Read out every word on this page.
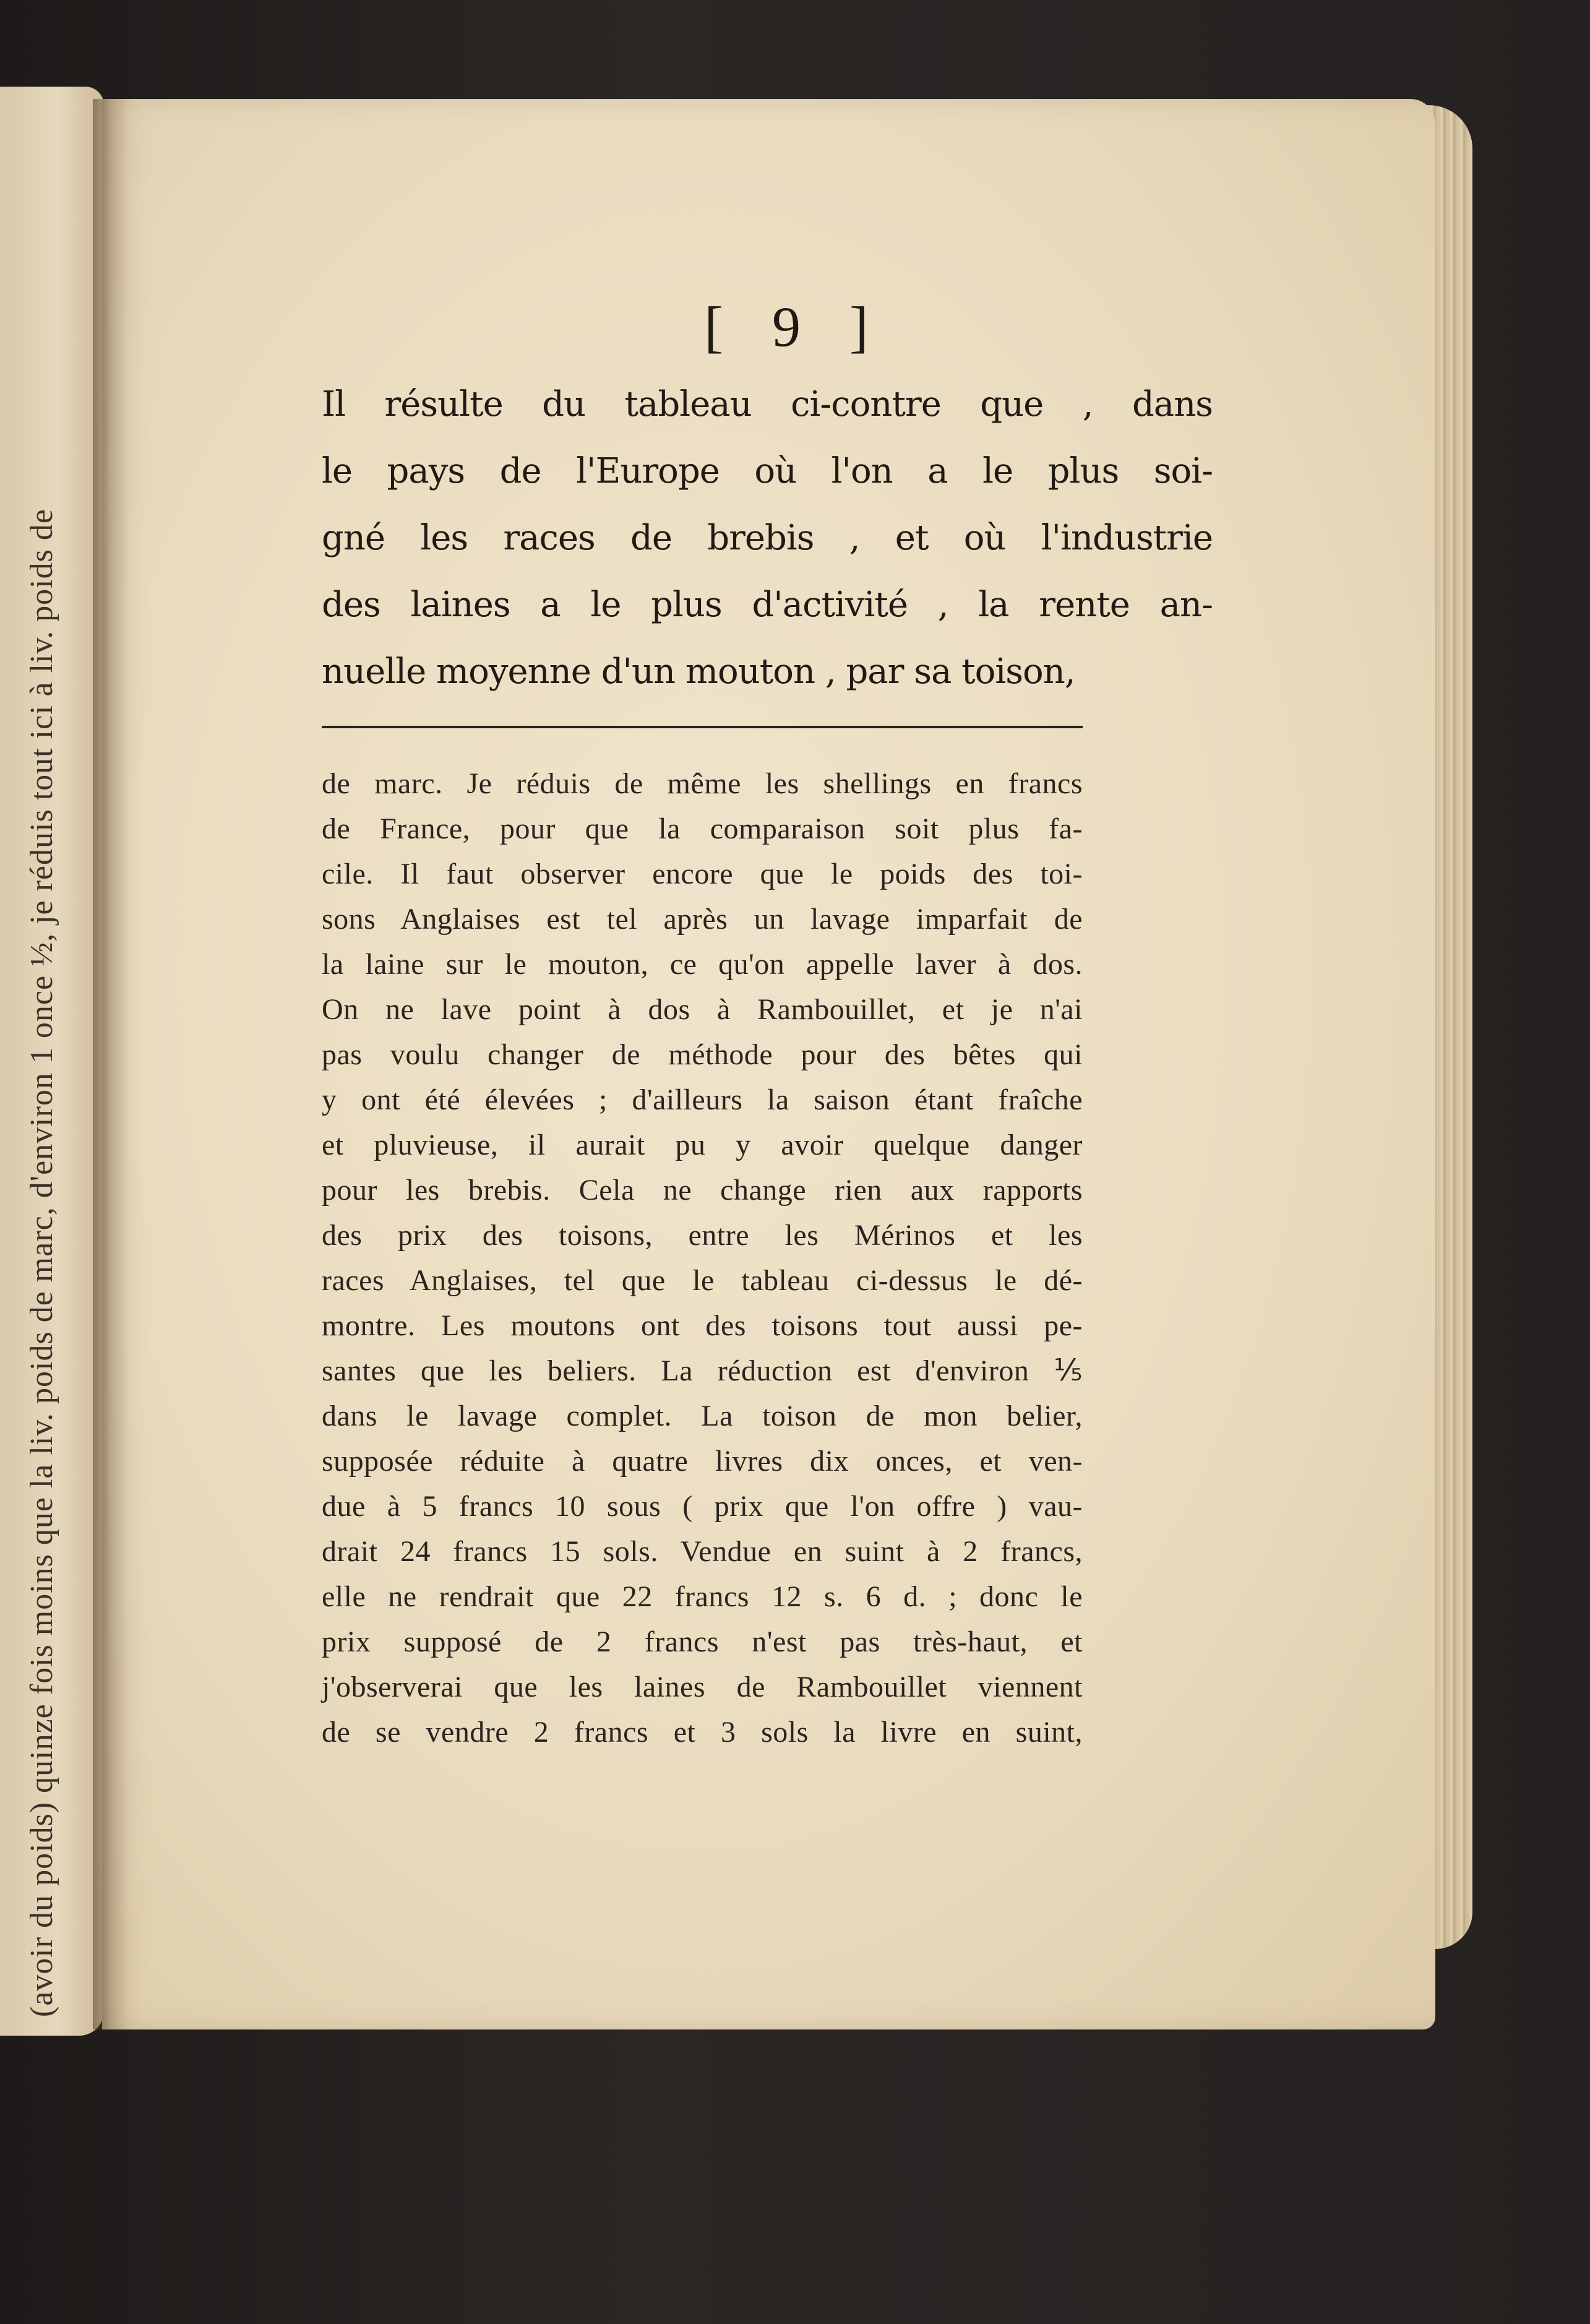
(avoir du poids) quinze fois moins que la liv. poids de marc, d'environ 1 once ½, je réduis tout ici à liv. poids de
[ 9 ]
Il résulte du tableau ci-contre que , dans
le pays de l'Europe où l'on a le plus soi-
gné les races de brebis , et où l'industrie
des laines a le plus d'activité , la rente an-
nuelle moyenne d'un mouton , par sa toison,
de marc. Je réduis de même les shellings en francs
de France, pour que la comparaison soit plus fa-
cile. Il faut observer encore que le poids des toi-
sons Anglaises est tel après un lavage imparfait de
la laine sur le mouton, ce qu'on appelle laver à dos.
On ne lave point à dos à Rambouillet, et je n'ai
pas voulu changer de méthode pour des bêtes qui
y ont été élevées ; d'ailleurs la saison étant fraîche
et pluvieuse, il aurait pu y avoir quelque danger
pour les brebis. Cela ne change rien aux rapports
des prix des toisons, entre les Mérinos et les
races Anglaises, tel que le tableau ci-dessus le dé-
montre. Les moutons ont des toisons tout aussi pe-
santes que les beliers. La réduction est d'environ ⅕
dans le lavage complet. La toison de mon belier,
supposée réduite à quatre livres dix onces, et ven-
due à 5 francs 10 sous ( prix que l'on offre ) vau-
drait 24 francs 15 sols. Vendue en suint à 2 francs,
elle ne rendrait que 22 francs 12 s. 6 d. ; donc le
prix supposé de 2 francs n'est pas très-haut, et
j'observerai que les laines de Rambouillet viennent
de se vendre 2 francs et 3 sols la livre en suint,
